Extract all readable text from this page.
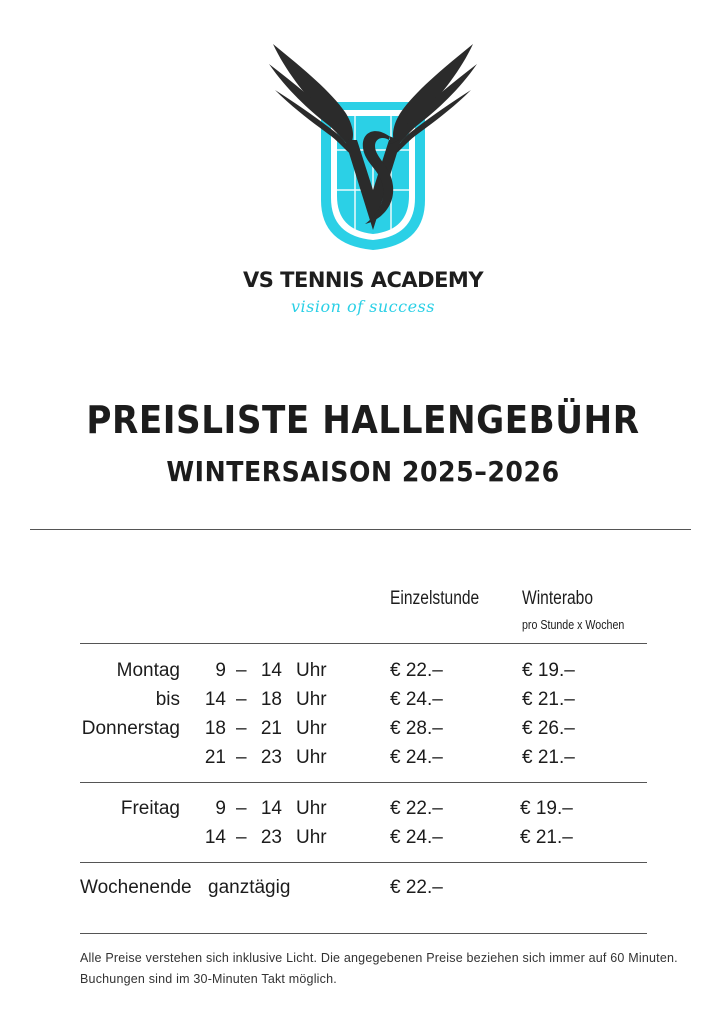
VS TENNIS ACADEMY
vision of success
PREISLISTE HALLENGEBÜHR
WINTERSAISON 2025–2026
Einzelstunde	Winterabo
pro Stunde x Wochen
Montag
bis
Donnerstag
9 – 14 Uhr	€ 22.–	€ 19.–
14 – 18 Uhr	€ 24.–	€ 21.–
18 – 21 Uhr	€ 28.–	€ 26.–
21 – 23 Uhr	€ 24.–	€ 21.–
Freitag	9 – 14 Uhr	€ 22.–	€ 19.–
14 – 23 Uhr	€ 24.–	€ 21.–
Wochenende ganztägig	€ 22.–
Alle Preise verstehen sich inklusive Licht. Die angegebenen Preise beziehen sich immer auf 60 Minuten.
Buchungen sind im 30-Minuten Takt möglich.
